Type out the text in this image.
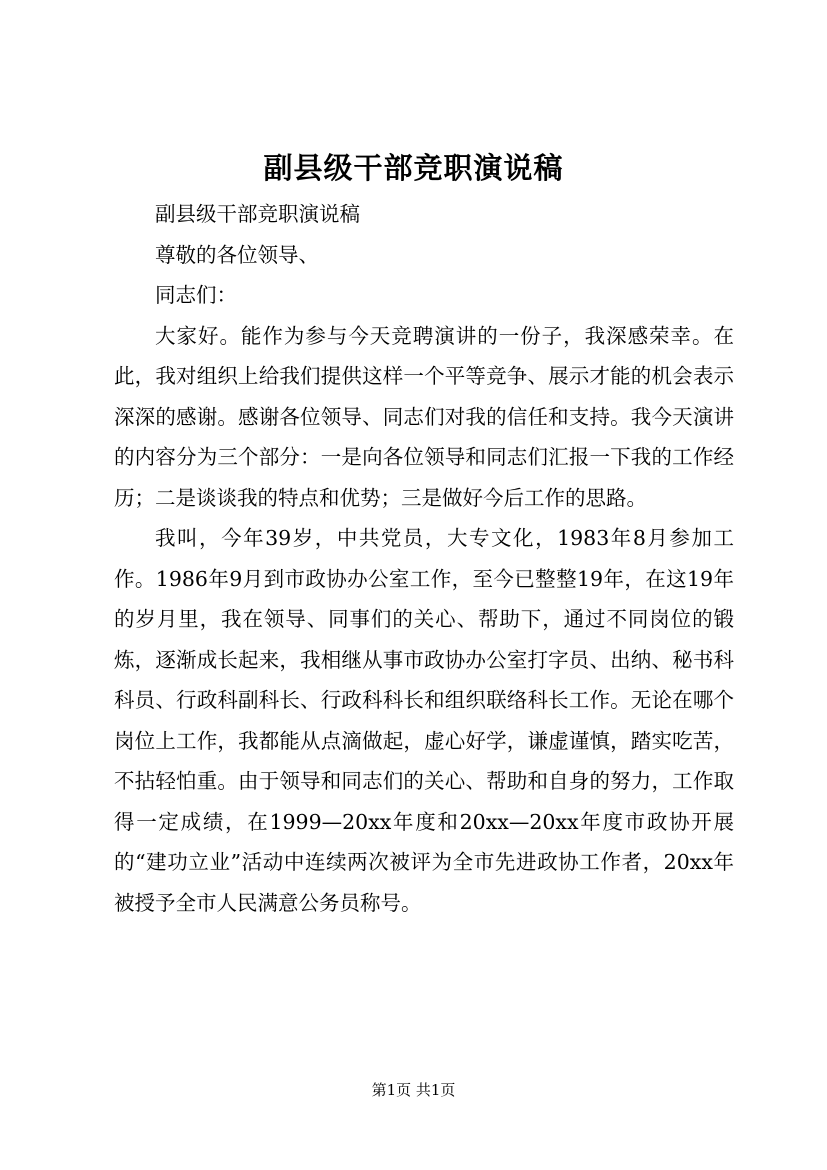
副县级干部竞职演说稿

副县级干部竞职演说稿

尊敬的各位领导、

同志们：

大家好。能作为参与今天竞聘演讲的一份子，我深感荣幸。在此，我对组织上给我们提供这样一个平等竞争、展示才能的机会表示深深的感谢。感谢各位领导、同志们对我的信任和支持。我今天演讲的内容分为三个部分：一是向各位领导和同志们汇报一下我的工作经历；二是谈谈我的特点和优势；三是做好今后工作的思路。

我叫，今年39岁，中共党员，大专文化，1983年8月参加工作。1986年9月到市政协办公室工作，至今已整整19年，在这19年的岁月里，我在领导、同事们的关心、帮助下，通过不同岗位的锻炼，逐渐成长起来，我相继从事市政协办公室打字员、出纳、秘书科科员、行政科副科长、行政科科长和组织联络科长工作。无论在哪个岗位上工作，我都能从点滴做起，虚心好学，谦虚谨慎，踏实吃苦，不拈轻怕重。由于领导和同志们的关心、帮助和自身的努力，工作取得一定成绩，在1999—20xx年度和20xx—20xx年度市政协开展的“建功立业”活动中连续两次被评为全市先进政协工作者，20xx年被授予全市人民满意公务员称号。

第1页 共1页
